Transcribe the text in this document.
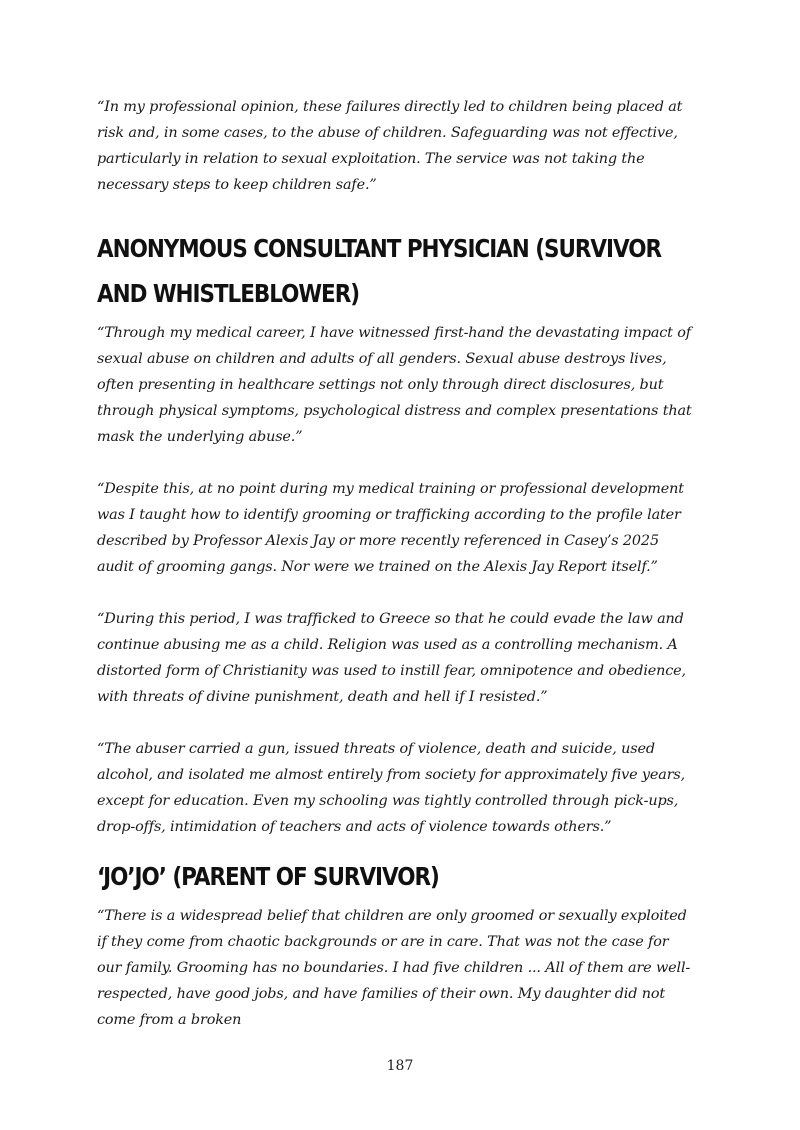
“In my professional opinion, these failures directly led to children being placed at risk and, in some cases, to the abuse of children. Safeguarding was not effective, particularly in relation to sexual exploitation. The service was not taking the necessary steps to keep children safe.”

ANONYMOUS CONSULTANT PHYSICIAN (SURVIVOR AND WHISTLEBLOWER)

“Through my medical career, I have witnessed first-hand the devastating impact of sexual abuse on children and adults of all genders. Sexual abuse destroys lives, often presenting in healthcare settings not only through direct disclosures, but through physical symptoms, psychological distress and complex presentations that mask the underlying abuse.”

“Despite this, at no point during my medical training or professional development was I taught how to identify grooming or trafficking according to the profile later described by Professor Alexis Jay or more recently referenced in Casey’s 2025 audit of grooming gangs. Nor were we trained on the Alexis Jay Report itself.”

“During this period, I was trafficked to Greece so that he could evade the law and continue abusing me as a child. Religion was used as a controlling mechanism. A distorted form of Christianity was used to instill fear, omnipotence and obedience, with threats of divine punishment, death and hell if I resisted.”

“The abuser carried a gun, issued threats of violence, death and suicide, used alcohol, and isolated me almost entirely from society for approximately five years, except for education. Even my schooling was tightly controlled through pick-ups, drop-offs, intimidation of teachers and acts of violence towards others.”

‘JO’JO’ (PARENT OF SURVIVOR)

“There is a widespread belief that children are only groomed or sexually exploited if they come from chaotic backgrounds or are in care. That was not the case for our family. Grooming has no boundaries. I had five children ... All of them are well-respected, have good jobs, and have families of their own. My daughter did not come from a broken

187
